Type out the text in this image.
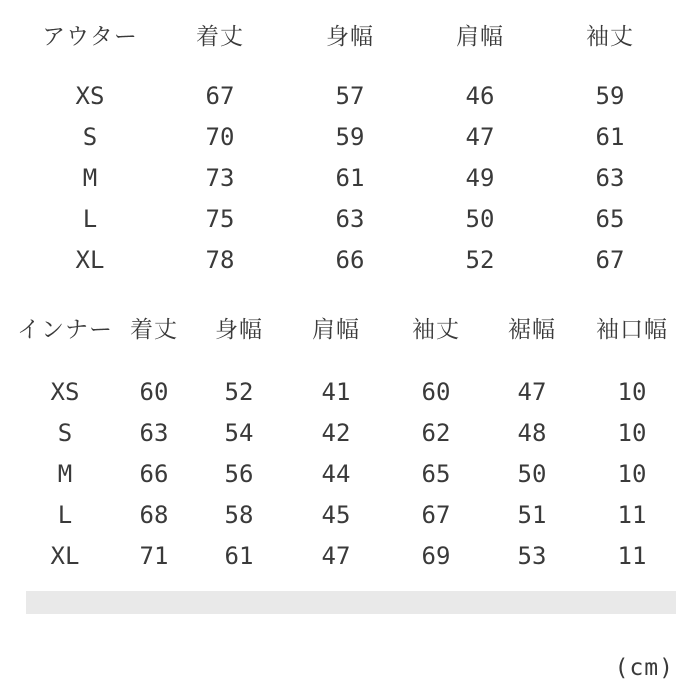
アウター	着丈	身幅	肩幅	袖丈
XS	67	57	46	59
S	70	59	47	61
M	73	61	49	63
L	75	63	50	65
XL	78	66	52	67
インナー 着丈	身幅	肩幅	袖丈	裾幅	袖口幅
XS	60	52	41	60	47	10
S	63	54	42	62	48	10
M	66	56	44	65	50	10
L	68	58	45	67	51	11
XL	71	61	47	69	53	11
(cm)
